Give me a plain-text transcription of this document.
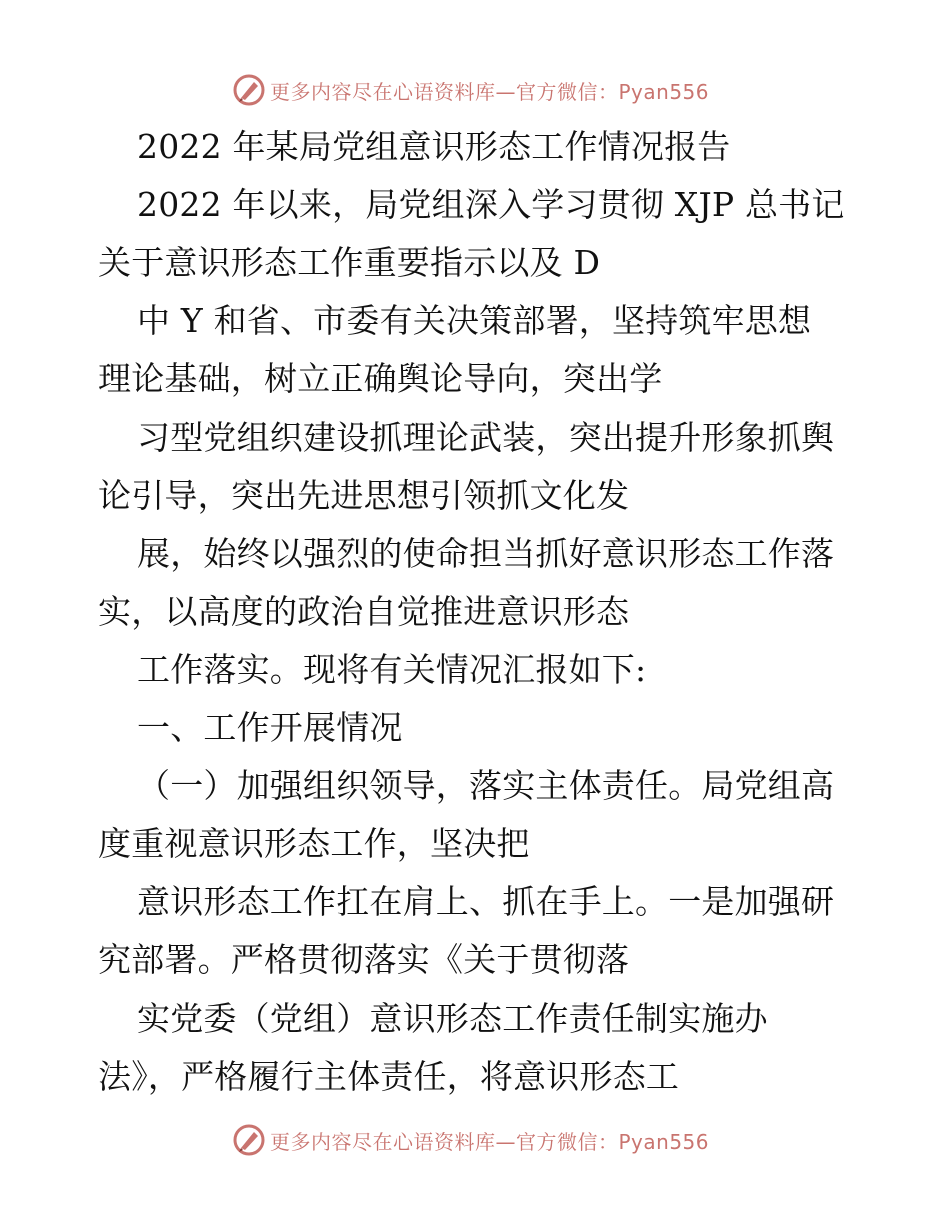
更多内容尽在心语资料库—官方微信：Pyan556
2022 年某局党组意识形态工作情况报告
2022 年以来，局党组深入学习贯彻 XJP 总书记
关于意识形态工作重要指示以及 D
中 Y 和省、市委有关决策部署，坚持筑牢思想
理论基础，树立正确舆论导向，突出学
习型党组织建设抓理论武装，突出提升形象抓舆
论引导，突出先进思想引领抓文化发
展，始终以强烈的使命担当抓好意识形态工作落
实，以高度的政治自觉推进意识形态
工作落实。现将有关情况汇报如下:
一、工作开展情况
（一）加强组织领导，落实主体责任。局党组高
度重视意识形态工作，坚决把
意识形态工作扛在肩上、抓在手上。一是加强研
究部署。严格贯彻落实《关于贯彻落
实党委（党组）意识形态工作责任制实施办
法》，严格履行主体责任，将意识形态工
更多内容尽在心语资料库—官方微信：Pyan556
